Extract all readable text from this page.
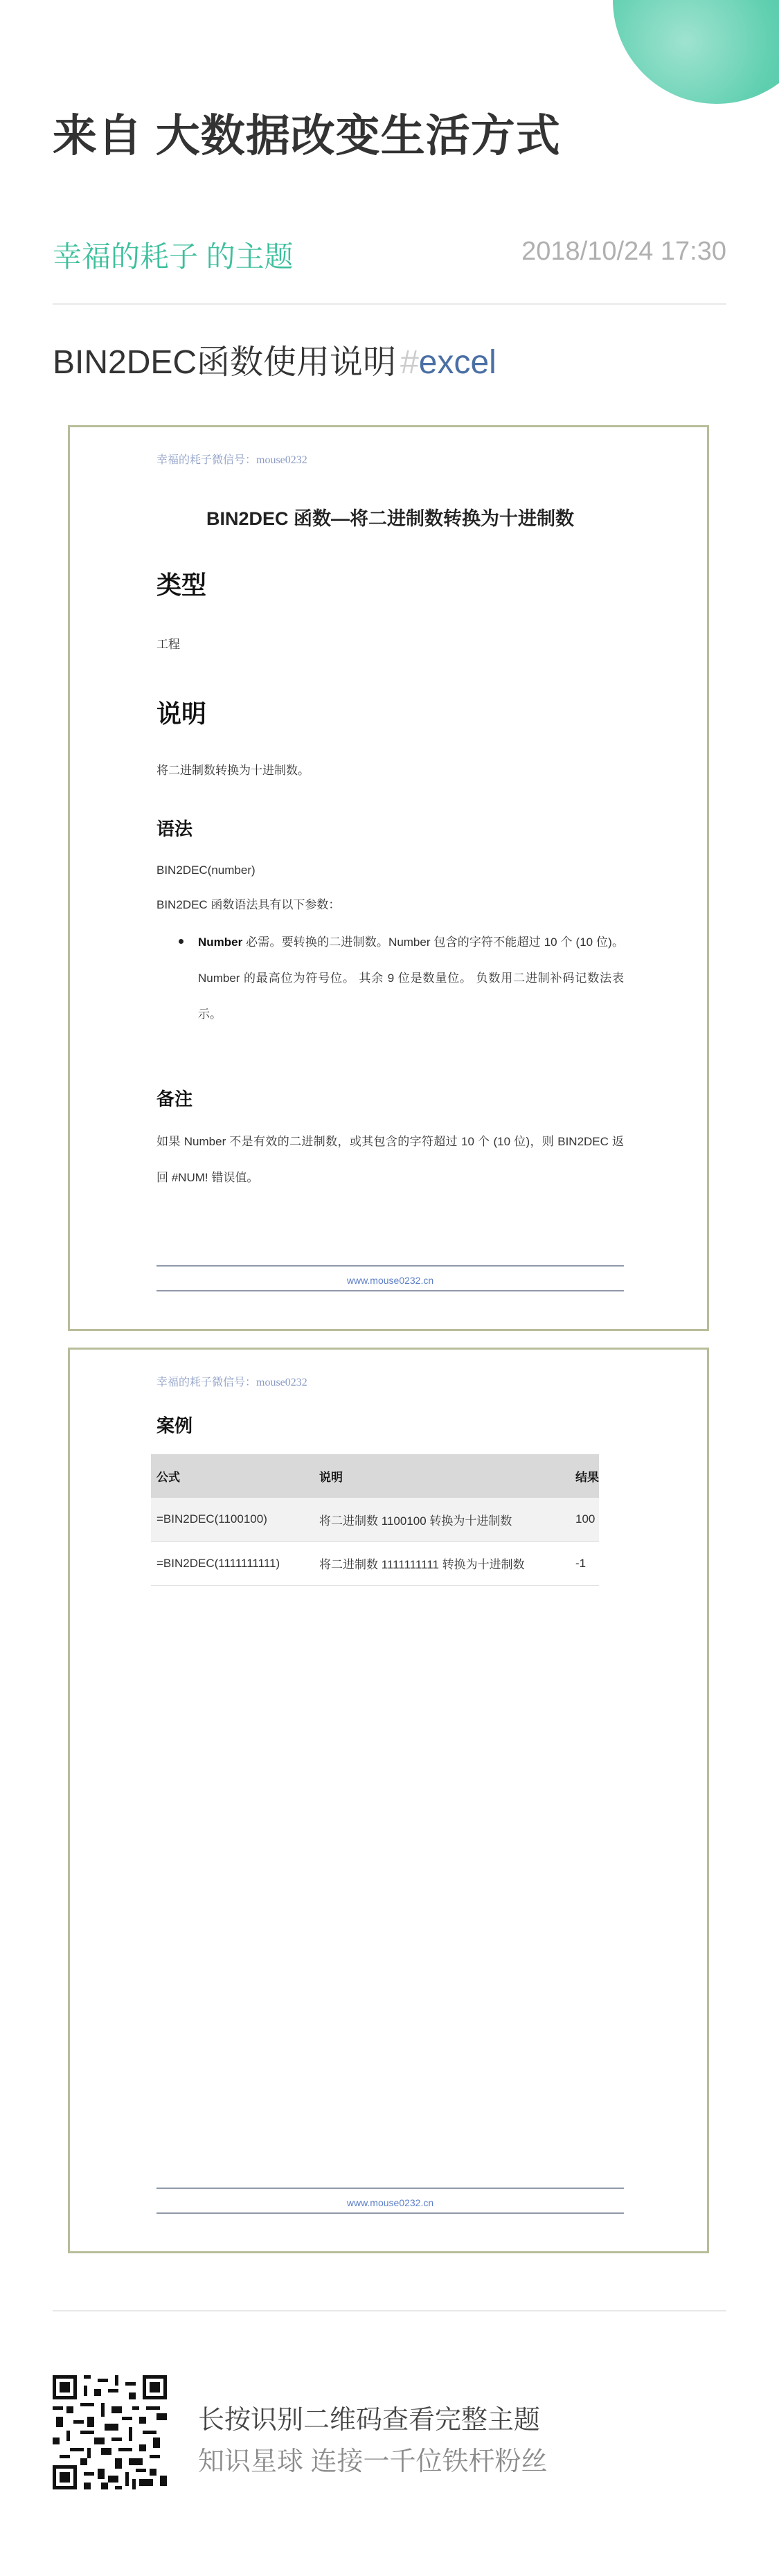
来自 大数据改变生活方式
幸福的耗子 的主题	2018/10/24 17:30
BIN2DEC函数使用说明 #excel
幸福的耗子微信号：mouse0232
BIN2DEC 函数—将二进制数转换为十进制数
类型
工程
说明
将二进制数转换为十进制数。
语法
BIN2DEC(number)
BIN2DEC 函数语法具有以下参数：
Number 必需。要转换的二进制数。Number 包含的字符不能超过 10 个 (10 位)。 Number 的最高位为符号位。 其余 9 位是数量位。 负数用二进制补码记数法表示。
备注
如果 Number 不是有效的二进制数，或其包含的字符超过 10 个 (10 位)，则 BIN2DEC 返回 #NUM! 错误值。
www.mouse0232.cn
幸福的耗子微信号：mouse0232
案例
公式	说明	结果
=BIN2DEC(1100100)	将二进制数 1100100 转换为十进制数	100
=BIN2DEC(1111111111)	将二进制数 1111111111 转换为十进制数	-1
www.mouse0232.cn
长按识别二维码查看完整主题
知识星球 连接一千位铁杆粉丝
